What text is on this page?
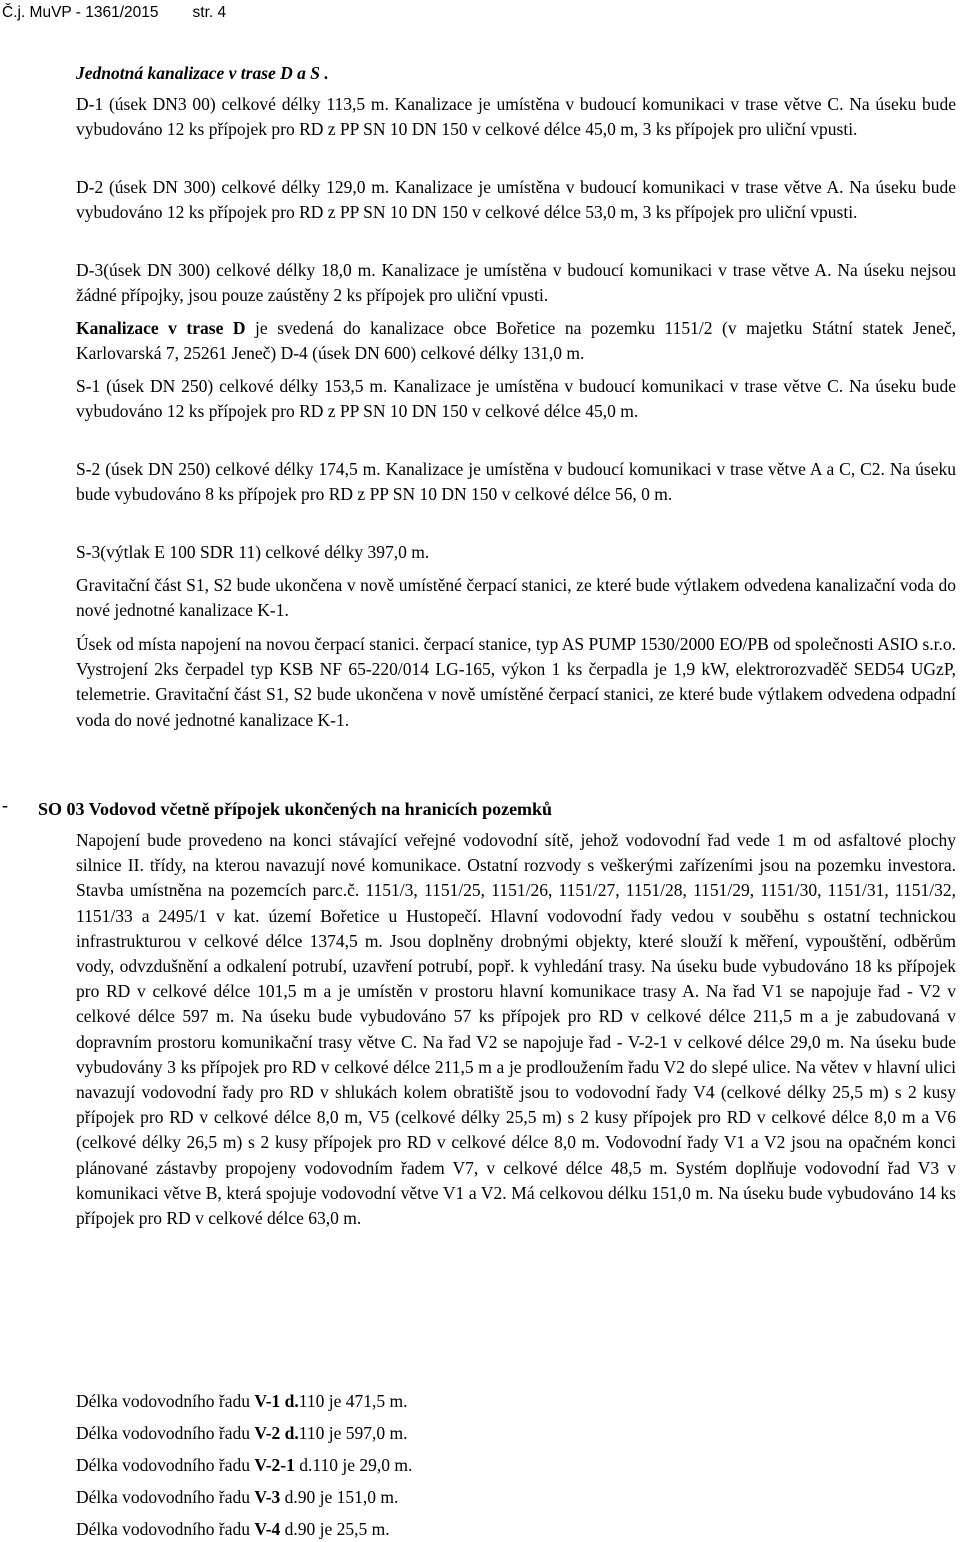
Č.j. MuVP - 1361/2015 str. 4
Jednotná kanalizace v trase D a S .
D-1 (úsek DN3 00) celkové délky 113,5 m. Kanalizace je umístěna v budoucí komunikaci v trase větve C. Na úseku bude vybudováno 12 ks přípojek pro RD z PP SN 10 DN 150 v celkové délce 45,0 m, 3 ks přípojek pro uliční vpusti.
D-2 (úsek DN 300) celkové délky 129,0 m. Kanalizace je umístěna v budoucí komunikaci v trase větve A. Na úseku bude vybudováno 12 ks přípojek pro RD z PP SN 10 DN 150 v celkové délce 53,0 m, 3 ks přípojek pro uliční vpusti.
D-3(úsek DN 300) celkové délky 18,0 m. Kanalizace je umístěna v budoucí komunikaci v trase větve A. Na úseku nejsou žádné přípojky, jsou pouze zaústěny 2 ks přípojek pro uliční vpusti.
Kanalizace v trase D je svedená do kanalizace obce Bořetice na pozemku 1151/2 (v majetku Státní statek Jeneč, Karlovarská 7, 25261 Jeneč) D-4 (úsek DN 600) celkové délky 131,0 m.
S-1 (úsek DN 250) celkové délky 153,5 m. Kanalizace je umístěna v budoucí komunikaci v trase větve C. Na úseku bude vybudováno 12 ks přípojek pro RD z PP SN 10 DN 150 v celkové délce 45,0 m.
S-2 (úsek DN 250) celkové délky 174,5 m. Kanalizace je umístěna v budoucí komunikaci v trase větve A a C, C2. Na úseku bude vybudováno 8 ks přípojek pro RD z PP SN 10 DN 150 v celkové délce 56, 0 m.
S-3(výtlak E 100 SDR 11) celkové délky 397,0 m.
Gravitační část S1, S2 bude ukončena v nově umístěné čerpací stanici, ze které bude výtlakem odvedena kanalizační voda do nové jednotné kanalizace K-1.
Úsek od místa napojení na novou čerpací stanici. čerpací stanice, typ AS PUMP 1530/2000 EO/PB od společnosti ASIO s.r.o. Vystrojení 2ks čerpadel typ KSB NF 65-220/014 LG-165, výkon 1 ks čerpadla je 1,9 kW, elektrorozvaděč SED54 UGzP, telemetrie. Gravitační část S1, S2 bude ukončena v nově umístěné čerpací stanici, ze které bude výtlakem odvedena odpadní voda do nové jednotné kanalizace K-1.
- SO 03 Vodovod včetně přípojek ukončených na hranicích pozemků
Napojení bude provedeno na konci stávající veřejné vodovodní sítě, jehož vodovodní řad vede 1 m od asfaltové plochy silnice II. třídy, na kterou navazují nové komunikace. Ostatní rozvody s veškerými zařízeními jsou na pozemku investora. Stavba umístněna na pozemcích parc.č. 1151/3, 1151/25, 1151/26, 1151/27, 1151/28, 1151/29, 1151/30, 1151/31, 1151/32, 1151/33 a 2495/1 v kat. území Bořetice u Hustopečí. Hlavní vodovodní řady vedou v souběhu s ostatní technickou infrastrukturou v celkové délce 1374,5 m. Jsou doplněny drobnými objekty, které slouží k měření, vypouštění, odběrům vody, odvzdušnění a odkalení potrubí, uzavření potrubí, popř. k vyhledání trasy. Na úseku bude vybudováno 18 ks přípojek pro RD v celkové délce 101,5 m a je umístěn v prostoru hlavní komunikace trasy A. Na řad V1 se napojuje řad - V2 v celkové délce 597 m. Na úseku bude vybudováno 57 ks přípojek pro RD v celkové délce 211,5 m a je zabudovaná v dopravním prostoru komunikační trasy větve C. Na řad V2 se napojuje řad - V-2-1 v celkové délce 29,0 m. Na úseku bude vybudovány 3 ks přípojek pro RD v celkové délce 211,5 m a je prodloužením řadu V2 do slepé ulice. Na větev v hlavní ulici navazují vodovodní řady pro RD v shlukách kolem obratiště jsou to vodovodní řady V4 (celkové délky 25,5 m) s 2 kusy přípojek pro RD v celkové délce 8,0 m, V5 (celkové délky 25,5 m) s 2 kusy přípojek pro RD v celkové délce 8,0 m a V6 (celkové délky 26,5 m) s 2 kusy přípojek pro RD v celkové délce 8,0 m. Vodovodní řady V1 a V2 jsou na opačném konci plánované zástavby propojeny vodovodním řadem V7, v celkové délce 48,5 m. Systém doplňuje vodovodní řad V3 v komunikaci větve B, která spojuje vodovodní větve V1 a V2. Má celkovou délku 151,0 m. Na úseku bude vybudováno 14 ks přípojek pro RD v celkové délce 63,0 m.
Délka vodovodního řadu V-1 d.110 je 471,5 m.
Délka vodovodního řadu V-2 d.110 je 597,0 m.
Délka vodovodního řadu V-2-1 d.110 je 29,0 m.
Délka vodovodního řadu V-3 d.90 je 151,0 m.
Délka vodovodního řadu V-4 d.90 je 25,5 m.
